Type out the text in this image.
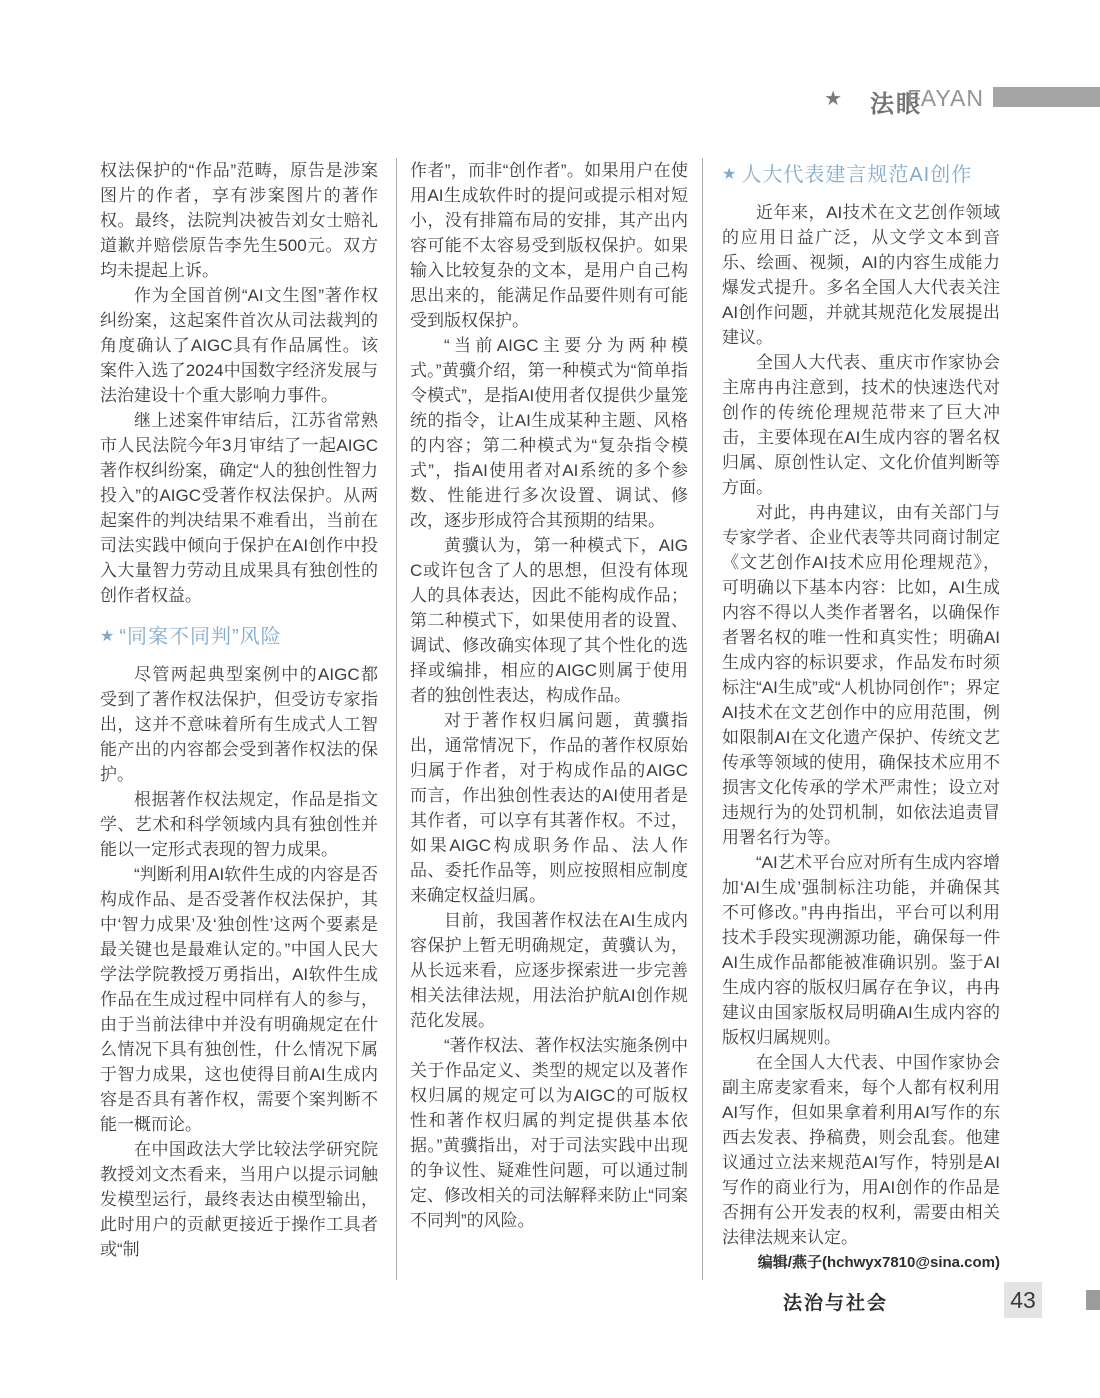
★ 法眼
FAYAN

权法保护的“作品”范畴，原告是涉案图片的作者，享有涉案图片的著作权。最终，法院判决被告刘女士赔礼道歉并赔偿原告李先生500元。双方均未提起上诉。

作为全国首例“AI文生图”著作权纠纷案，这起案件首次从司法裁判的角度确认了AIGC具有作品属性。该案件入选了2024中国数字经济发展与法治建设十个重大影响力事件。

继上述案件审结后，江苏省常熟市人民法院今年3月审结了一起AIGC著作权纠纷案，确定“人的独创性智力投入”的AIGC受著作权法保护。从两起案件的判决结果不难看出，当前在司法实践中倾向于保护在AI创作中投入大量智力劳动且成果具有独创性的创作者权益。

★ “同案不同判”风险

尽管两起典型案例中的AIGC都受到了著作权法保护，但受访专家指出，这并不意味着所有生成式人工智能产出的内容都会受到著作权法的保护。

根据著作权法规定，作品是指文学、艺术和科学领域内具有独创性并能以一定形式表现的智力成果。

“判断利用AI软件生成的内容是否构成作品、是否受著作权法保护，其中‘智力成果’及‘独创性’这两个要素是最关键也是最难认定的。”中国人民大学法学院教授万勇指出，AI软件生成作品在生成过程中同样有人的参与，由于当前法律中并没有明确规定在什么情况下具有独创性，什么情况下属于智力成果，这也使得目前AI生成内容是否具有著作权，需要个案判断不能一概而论。

在中国政法大学比较法学研究院教授刘文杰看来，当用户以提示词触发模型运行，最终表达由模型输出，此时用户的贡献更接近于操作工具者或“制

作者”，而非“创作者”。如果用户在使用AI生成软件时的提问或提示相对短小，没有排篇布局的安排，其产出内容可能不太容易受到版权保护。如果输入比较复杂的文本，是用户自己构思出来的，能满足作品要件则有可能受到版权保护。

“当前AIGC主要分为两种模式。”黄骥介绍，第一种模式为“简单指令模式”，是指AI使用者仅提供少量笼统的指令，让AI生成某种主题、风格的内容；第二种模式为“复杂指令模式”，指AI使用者对AI系统的多个参数、性能进行多次设置、调试、修改，逐步形成符合其预期的结果。

黄骥认为，第一种模式下，AIGC或许包含了人的思想，但没有体现人的具体表达，因此不能构成作品；第二种模式下，如果使用者的设置、调试、修改确实体现了其个性化的选择或编排，相应的AIGC则属于使用者的独创性表达，构成作品。

对于著作权归属问题，黄骥指出，通常情况下，作品的著作权原始归属于作者，对于构成作品的AIGC而言，作出独创性表达的AI使用者是其作者，可以享有其著作权。不过，如果AIGC构成职务作品、法人作品、委托作品等，则应按照相应制度来确定权益归属。

目前，我国著作权法在AI生成内容保护上暂无明确规定，黄骥认为，从长远来看，应逐步探索进一步完善相关法律法规，用法治护航AI创作规范化发展。

“著作权法、著作权法实施条例中关于作品定义、类型的规定以及著作权归属的规定可以为AIGC的可版权性和著作权归属的判定提供基本依据。”黄骥指出，对于司法实践中出现的争议性、疑难性问题，可以通过制定、修改相关的司法解释来防止“同案不同判”的风险。

★ 人大代表建言规范AI创作

近年来，AI技术在文艺创作领域的应用日益广泛，从文学文本到音乐、绘画、视频，AI的内容生成能力爆发式提升。多名全国人大代表关注AI创作问题，并就其规范化发展提出建议。

全国人大代表、重庆市作家协会主席冉冉注意到，技术的快速迭代对创作的传统伦理规范带来了巨大冲击，主要体现在AI生成内容的署名权归属、原创性认定、文化价值判断等方面。

对此，冉冉建议，由有关部门与专家学者、企业代表等共同商讨制定《文艺创作AI技术应用伦理规范》，可明确以下基本内容：比如，AI生成内容不得以人类作者署名，以确保作者署名权的唯一性和真实性；明确AI生成内容的标识要求，作品发布时须标注“AI生成”或“人机协同创作”；界定AI技术在文艺创作中的应用范围，例如限制AI在文化遗产保护、传统文艺传承等领域的使用，确保技术应用不损害文化传承的学术严肃性；设立对违规行为的处罚机制，如依法追责冒用署名行为等。

“AI艺术平台应对所有生成内容增加‘AI生成’强制标注功能，并确保其不可修改。”冉冉指出，平台可以利用技术手段实现溯源功能，确保每一件AI生成作品都能被准确识别。鉴于AI生成内容的版权归属存在争议，冉冉建议由国家版权局明确AI生成内容的版权归属规则。

在全国人大代表、中国作家协会副主席麦家看来，每个人都有权利用AI写作，但如果拿着利用AI写作的东西去发表、挣稿费，则会乱套。他建议通过立法来规范AI写作，特别是AI写作的商业行为，用AI创作的作品是否拥有公开发表的权利，需要由相关法律法规来认定。

编辑/燕子(hchwyx7810@sina.com)

法治与社会	43
